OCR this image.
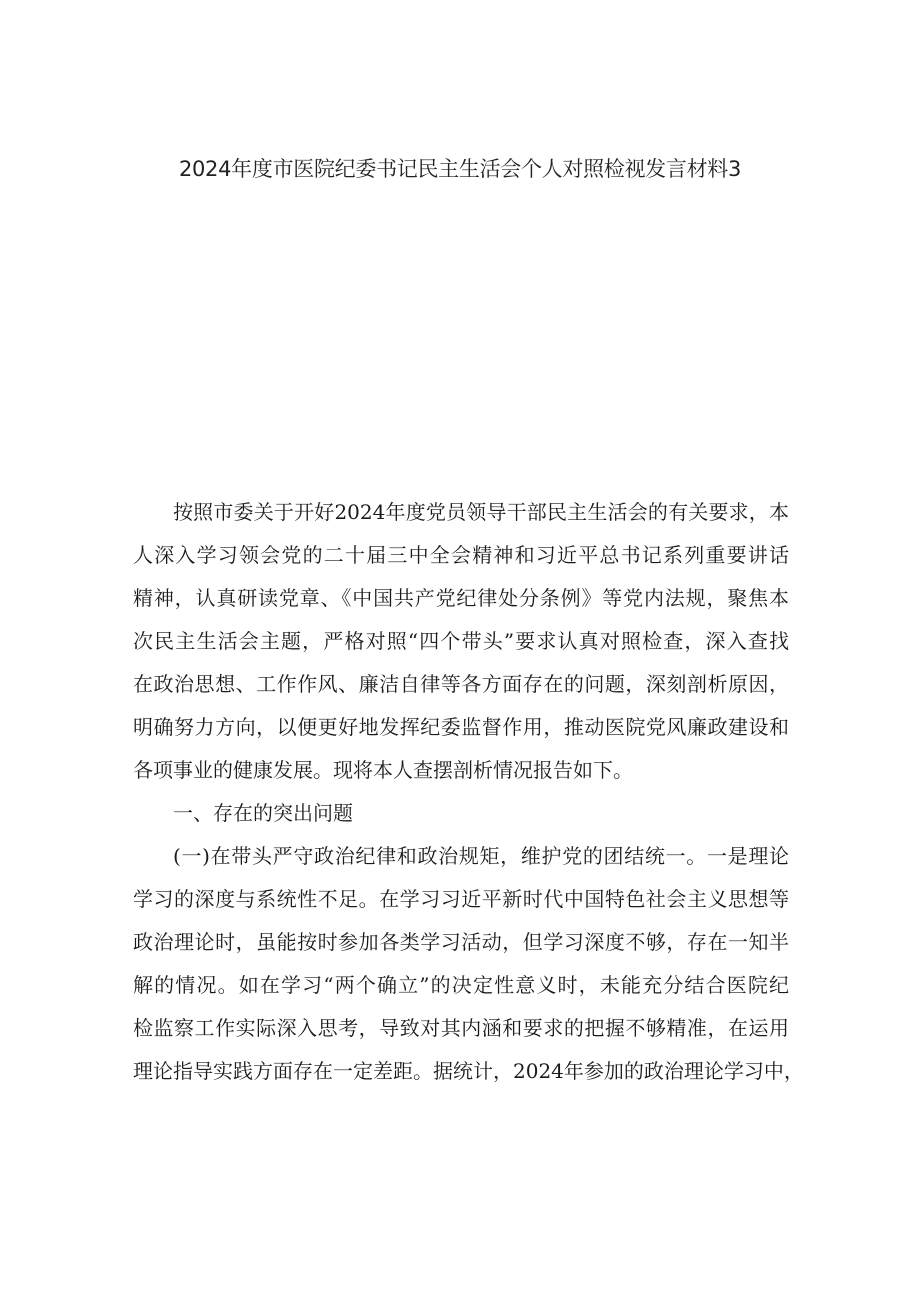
2024年度市医院纪委书记民主生活会个人对照检视发言材料3
按照市委关于开好2024年度党员领导干部民主生活会的有关要求，本
人深入学习领会党的二十届三中全会精神和习近平总书记系列重要讲话
精神，认真研读党章、《中国共产党纪律处分条例》等党内法规，聚焦本
次民主生活会主题，严格对照“四个带头”要求认真对照检查，深入查找
在政治思想、工作作风、廉洁自律等各方面存在的问题，深刻剖析原因，
明确努力方向，以便更好地发挥纪委监督作用，推动医院党风廉政建设和
各项事业的健康发展。现将本人查摆剖析情况报告如下。
一、存在的突出问题
(一)在带头严守政治纪律和政治规矩，维护党的团结统一。一是理论
学习的深度与系统性不足。在学习习近平新时代中国特色社会主义思想等
政治理论时，虽能按时参加各类学习活动，但学习深度不够，存在一知半
解的情况。如在学习“两个确立”的决定性意义时，未能充分结合医院纪
检监察工作实际深入思考，导致对其内涵和要求的把握不够精准，在运用
理论指导实践方面存在一定差距。据统计，2024年参加的政治理论学习中，
